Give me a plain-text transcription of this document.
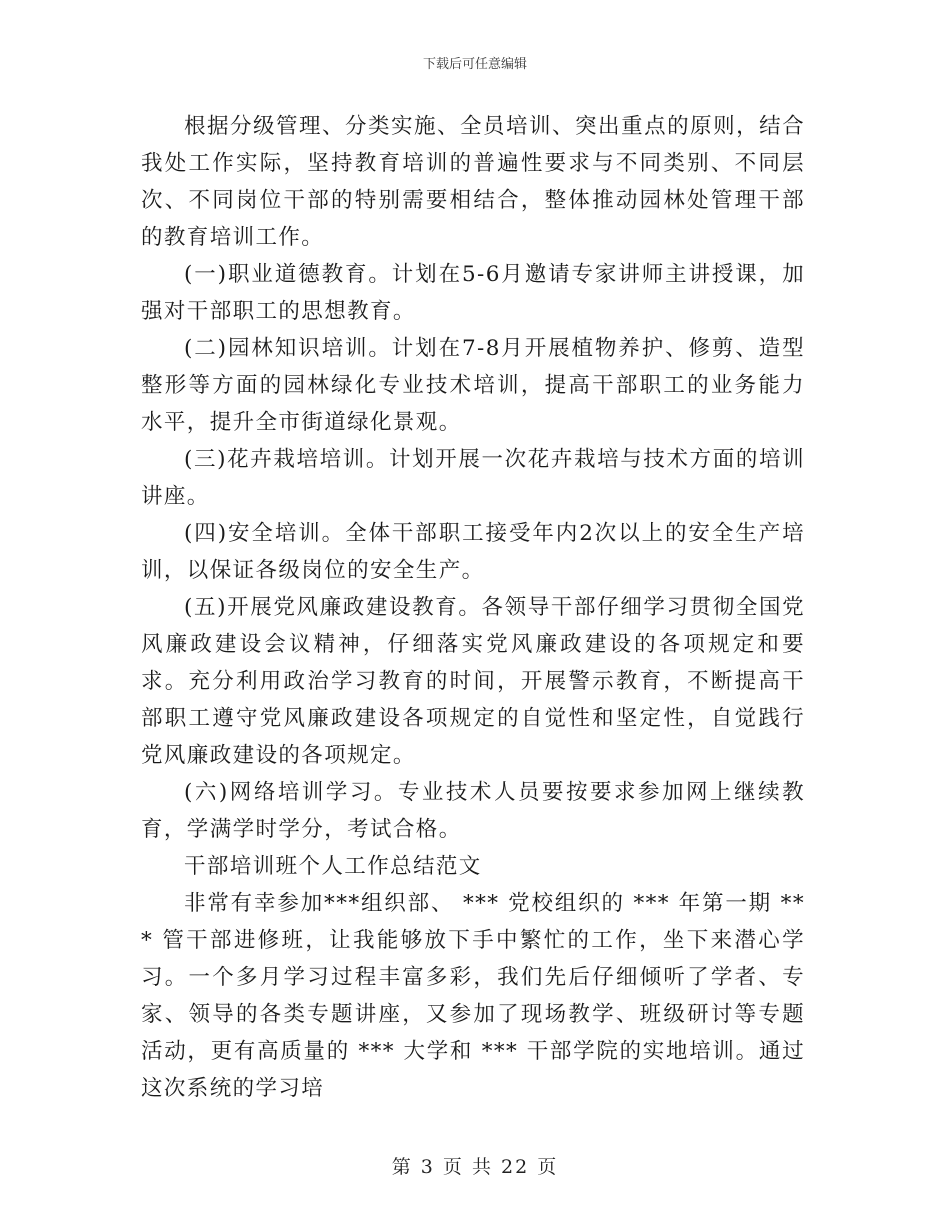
下载后可任意编辑

根据分级管理、分类实施、全员培训、突出重点的原则，结合我处工作实际，坚持教育培训的普遍性要求与不同类别、不同层次、不同岗位干部的特别需要相结合，整体推动园林处管理干部的教育培训工作。

(一)职业道德教育。计划在5-6月邀请专家讲师主讲授课，加强对干部职工的思想教育。

(二)园林知识培训。计划在7-8月开展植物养护、修剪、造型整形等方面的园林绿化专业技术培训，提高干部职工的业务能力水平，提升全市街道绿化景观。

(三)花卉栽培培训。计划开展一次花卉栽培与技术方面的培训讲座。

(四)安全培训。全体干部职工接受年内2次以上的安全生产培训，以保证各级岗位的安全生产。

(五)开展党风廉政建设教育。各领导干部仔细学习贯彻全国党风廉政建设会议精神，仔细落实党风廉政建设的各项规定和要求。充分利用政治学习教育的时间，开展警示教育，不断提高干部职工遵守党风廉政建设各项规定的自觉性和坚定性，自觉践行党风廉政建设的各项规定。

(六)网络培训学习。专业技术人员要按要求参加网上继续教育，学满学时学分，考试合格。

干部培训班个人工作总结范文

非常有幸参加***组织部、 *** 党校组织的 *** 年第一期 *** 管干部进修班，让我能够放下手中繁忙的工作，坐下来潜心学习。一个多月学习过程丰富多彩，我们先后仔细倾听了学者、专家、领导的各类专题讲座，又参加了现场教学、班级研讨等专题活动，更有高质量的 *** 大学和 *** 干部学院的实地培训。通过这次系统的学习培

第 3 页 共 22 页
